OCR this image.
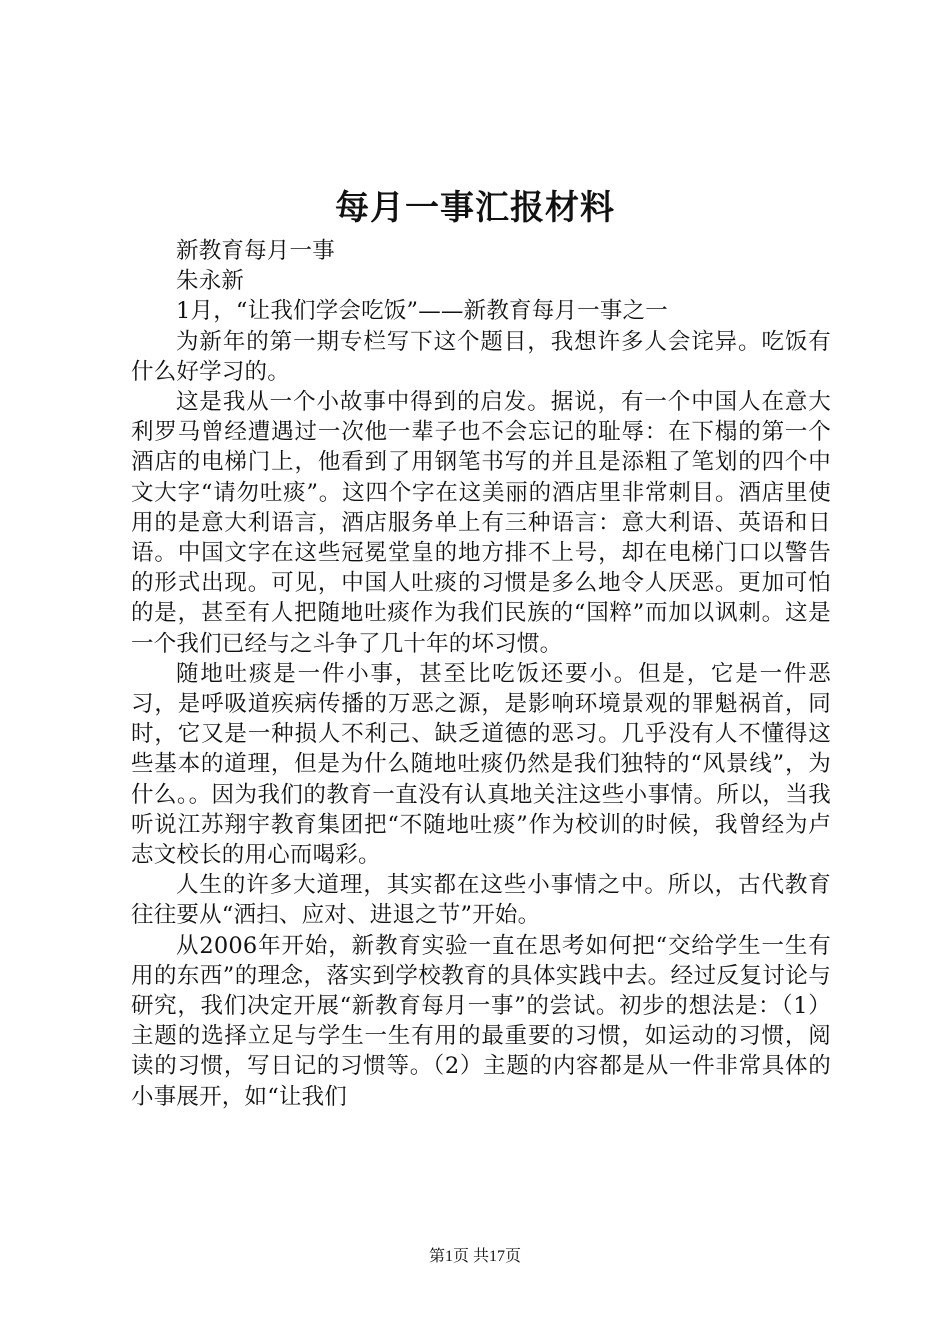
每月一事汇报材料

新教育每月一事

朱永新

1月，“让我们学会吃饭”——新教育每月一事之一

为新年的第一期专栏写下这个题目，我想许多人会诧异。吃饭有什么好学习的。

这是我从一个小故事中得到的启发。据说，有一个中国人在意大利罗马曾经遭遇过一次他一辈子也不会忘记的耻辱：在下榻的第一个酒店的电梯门上，他看到了用钢笔书写的并且是添粗了笔划的四个中文大字“请勿吐痰”。这四个字在这美丽的酒店里非常刺目。酒店里使用的是意大利语言，酒店服务单上有三种语言：意大利语、英语和日语。中国文字在这些冠冕堂皇的地方排不上号，却在电梯门口以警告的形式出现。可见，中国人吐痰的习惯是多么地令人厌恶。更加可怕的是，甚至有人把随地吐痰作为我们民族的“国粹”而加以讽刺。这是一个我们已经与之斗争了几十年的坏习惯。

随地吐痰是一件小事，甚至比吃饭还要小。但是，它是一件恶习，是呼吸道疾病传播的万恶之源，是影响环境景观的罪魁祸首，同时，它又是一种损人不利己、缺乏道德的恶习。几乎没有人不懂得这些基本的道理，但是为什么随地吐痰仍然是我们独特的“风景线”，为什么。。因为我们的教育一直没有认真地关注这些小事情。所以，当我听说江苏翔宇教育集团把“不随地吐痰”作为校训的时候，我曾经为卢志文校长的用心而喝彩。

人生的许多大道理，其实都在这些小事情之中。所以，古代教育往往要从“洒扫、应对、进退之节”开始。

从2006年开始，新教育实验一直在思考如何把“交给学生一生有用的东西”的理念，落实到学校教育的具体实践中去。经过反复讨论与研究，我们决定开展“新教育每月一事”的尝试。初步的想法是：（1）主题的选择立足与学生一生有用的最重要的习惯，如运动的习惯，阅读的习惯，写日记的习惯等。（2）主题的内容都是从一件非常具体的小事展开，如“让我们

第1页 共17页
